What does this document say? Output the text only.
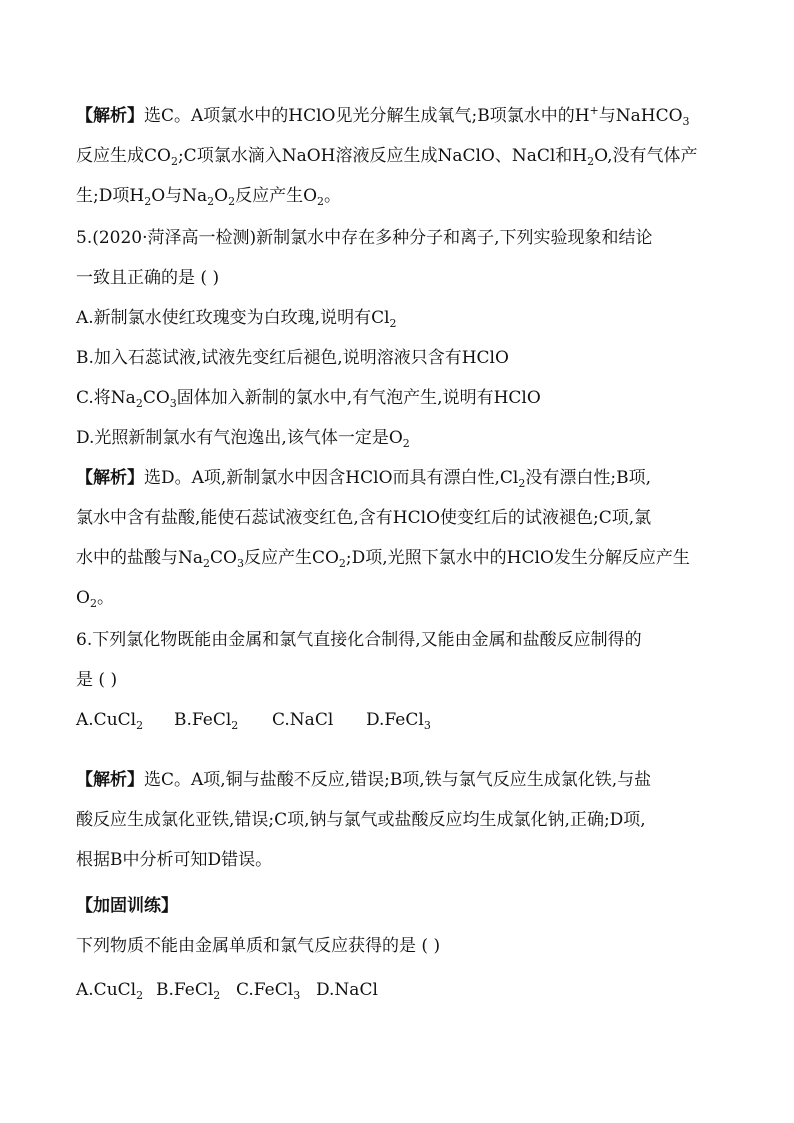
【解析】选C。A项氯水中的HClO见光分解生成氧气;B项氯水中的H+与NaHCO$_3$
反应生成$CO_2;C$项氯水滴入NaOH溶液反应生成NaClO、NaCl和$H_2O$,没有气体产
生;D项$H_2O$与$Na_2O_2$反应产生$O_2$。
5.(2020·菏泽高一检测)新制氯水中存在多种分子和离子,下列实验现象和结论
一致且正确的是 ( )
A.新制氯水使红玫瑰变为白玫瑰,说明有$Cl_2$
B.加入石蕊试液,试液先变红后褪色,说明溶液只含有HClO
C.将$Na_2CO_3$固体加入新制的氯水中,有气泡产生,说明有HClO
D.光照新制氯水有气泡逸出,该气体一定是$O_2$
【解析】选D。A项,新制氯水中因含HClO而具有漂白性$,Cl_2$没有漂白性;B项,
氯水中含有盐酸,能使石蕊试液变红色,含有HClO使变红后的试液褪色;C项,氯
水中的盐酸与$Na_2CO_3$反应产生$CO_2;D$项,光照下氯水中的HClO发生分解反应产生
$O_2$。
6.下列氯化物既能由金属和氯气直接化合制得,又能由金属和盐酸反应制得的
是 ( )
A.CuCl$_2$ B.FeCl$_2$ C.NaCl D.FeCl$_3$
【解析】选C。A项,铜与盐酸不反应,错误;B项,铁与氯气反应生成氯化铁,与盐
酸反应生成氯化亚铁,错误;C项,钠与氯气或盐酸反应均生成氯化钠,正确;D项,
根据B中分析可知D错误。
【加固训练】
下列物质不能由金属单质和氯气反应获得的是 ( )
A.CuCl$_2$ B.FeCl$_2$ C.FeCl$_3$ D.NaCl
